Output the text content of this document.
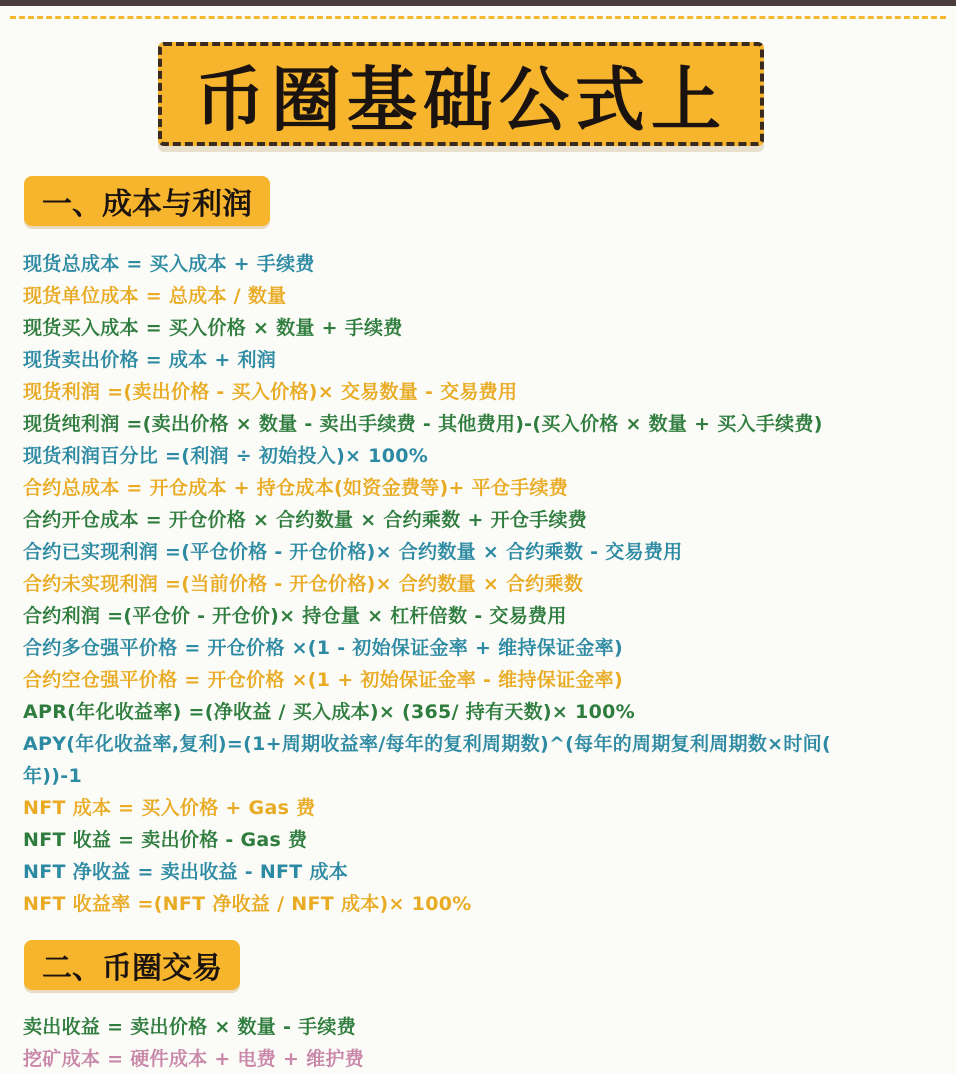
币圈基础公式上
一、成本与利润
现货总成本 = 买入成本 + 手续费
现货单位成本 = 总成本 / 数量
现货买入成本 = 买入价格 × 数量 + 手续费
现货卖出价格 = 成本 + 利润
现货利润 =(卖出价格 - 买入价格)× 交易数量 - 交易费用
现货纯利润 =(卖出价格 × 数量 - 卖出手续费 - 其他费用)-(买入价格 × 数量 + 买入手续费)
现货利润百分比 =(利润 ÷ 初始投入)× 100%
合约总成本 = 开仓成本 + 持仓成本(如资金费等)+ 平仓手续费
合约开仓成本 = 开仓价格 × 合约数量 × 合约乘数 + 开仓手续费
合约已实现利润 =(平仓价格 - 开仓价格)× 合约数量 × 合约乘数 - 交易费用
合约未实现利润 =(当前价格 - 开仓价格)× 合约数量 × 合约乘数
合约利润 =(平仓价 - 开仓价)× 持仓量 × 杠杆倍数 - 交易费用
合约多仓强平价格 = 开仓价格 ×(1 - 初始保证金率 + 维持保证金率)
合约空仓强平价格 = 开仓价格 ×(1 + 初始保证金率 - 维持保证金率)
APR(年化收益率) =(净收益 / 买入成本)× (365/ 持有天数)× 100%
APY(年化收益率,复利)=(1+周期收益率/每年的复利周期数)^(每年的周期复利周期数×时间(
年))-1
NFT 成本 = 买入价格 + Gas 费
NFT 收益 = 卖出价格 - Gas 费
NFT 净收益 = 卖出收益 - NFT 成本
NFT 收益率 =(NFT 净收益 / NFT 成本)× 100%
二、币圈交易
卖出收益 = 卖出价格 × 数量 - 手续费
挖矿成本 = 硬件成本 + 电费 + 维护费
